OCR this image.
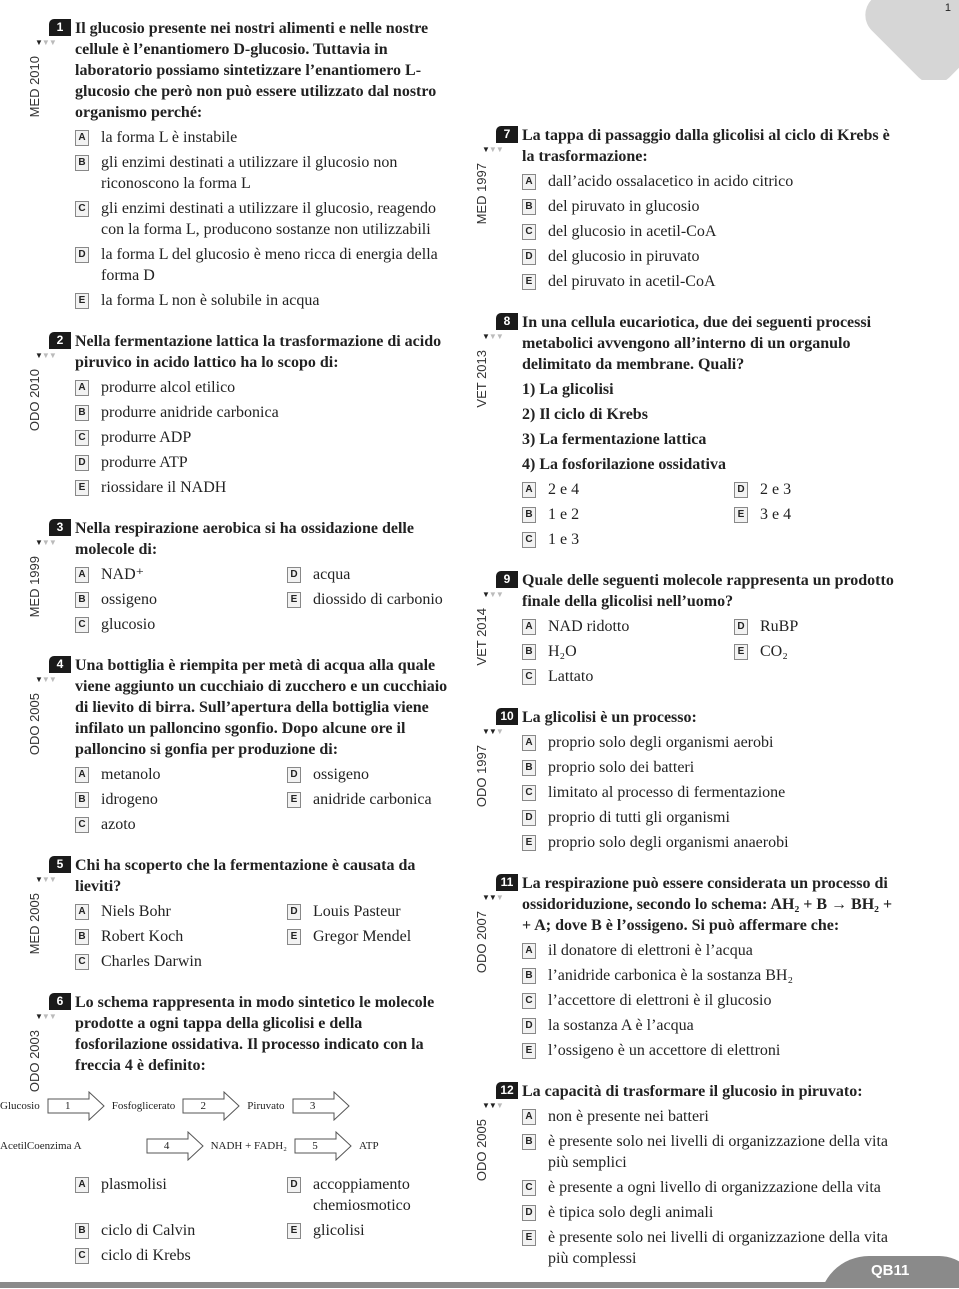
1
1
▼▼▼
MED 2010
Il glucosio presente nei nostri alimenti e nelle nostre cellule è l’enantiomero D-glucosio. Tuttavia in laboratorio possiamo sintetizzare l’enantiomero L-glucosio che però non può essere utilizzato dal nostro organismo perché:
A la forma L è instabile
B gli enzimi destinati a utilizzare il glucosio non riconoscono la forma L
C gli enzimi destinati a utilizzare il glucosio, reagendo con la forma L, producono sostanze non utilizzabili
D la forma L del glucosio è meno ricca di energia della forma D
E la forma L non è solubile in acqua
2
▼▼▼
ODO 2010
Nella fermentazione lattica la trasformazione di acido piruvico in acido lattico ha lo scopo di:
A produrre alcol etilico
B produrre anidride carbonica
C produrre ADP
D produrre ATP
E riossidare il NADH
3
▼▼▼
MED 1999
Nella respirazione aerobica si ha ossidazione delle molecole di:
A NAD⁺
B ossigeno
C glucosio
D acqua
E diossido di carbonio
4
▼▼▼
ODO 2005
Una bottiglia è riempita per metà di acqua alla quale viene aggiunto un cucchiaio di zucchero e un cucchiaio di lievito di birra. Sull’apertura della bottiglia viene infilato un palloncino sgonfio. Dopo alcune ore il palloncino si gonfia per produzione di:
A metanolo
B idrogeno
C azoto
D ossigeno
E anidride carbonica
5
▼▼▼
MED 2005
Chi ha scoperto che la fermentazione è causata da lieviti?
A Niels Bohr
B Robert Koch
C Charles Darwin
D Louis Pasteur
E Gregor Mendel
6
▼▼▼
ODO 2003
Lo schema rappresenta in modo sintetico le molecole prodotte a ogni tappa della glicolisi e della fosforilazione ossidativa. Il processo indicato con la freccia 4 è definito:
Glucosio	1	Fosfoglicerato	2	Piruvato	3
AcetilCoenzima A	4	NADH + FADH₂	5	ATP
A plasmolisi
B ciclo di Calvin
C ciclo di Krebs
D accoppiamento chemiosmotico
E glicolisi
7
▼▼▼
MED 1997
La tappa di passaggio dalla glicolisi al ciclo di Krebs è la trasformazione:
A dall’acido ossalacetico in acido citrico
B del piruvato in glucosio
C del glucosio in acetil-CoA
D del glucosio in piruvato
E del piruvato in acetil-CoA
8
▼▼▼
VET 2013
In una cellula eucariotica, due dei seguenti processi metabolici avvengono all’interno di un organulo delimitato da membrane. Quali?
1) La glicolisi
2) Il ciclo di Krebs
3) La fermentazione lattica
4) La fosforilazione ossidativa
A 2 e 4
B 1 e 2
C 1 e 3
D 2 e 3
E 3 e 4
9
▼▼▼
VET 2014
Quale delle seguenti molecole rappresenta un prodotto finale della glicolisi nell’uomo?
A NAD ridotto
B H₂O
C Lattato
D RuBP
E CO₂
10
▼▼▼
ODO 1997
La glicolisi è un processo:
A proprio solo degli organismi aerobi
B proprio solo dei batteri
C limitato al processo di fermentazione
D proprio di tutti gli organismi
E proprio solo degli organismi anaerobi
11
▼▼▼
ODO 2007
La respirazione può essere considerata un processo di ossidoriduzione, secondo lo schema: AH₂ + B → BH₂ + + A; dove B è l’ossigeno. Si può affermare che:
A il donatore di elettroni è l’acqua
B l’anidride carbonica è la sostanza BH₂
C l’accettore di elettroni è il glucosio
D la sostanza A è l’acqua
E l’ossigeno è un accettore di elettroni
12
▼▼▼
ODO 2005
La capacità di trasformare il glucosio in piruvato:
A non è presente nei batteri
B è presente solo nei livelli di organizzazione della vita più semplici
C è presente a ogni livello di organizzazione della vita
D è tipica solo degli animali
E è presente solo nei livelli di organizzazione della vita più complessi
QB11
